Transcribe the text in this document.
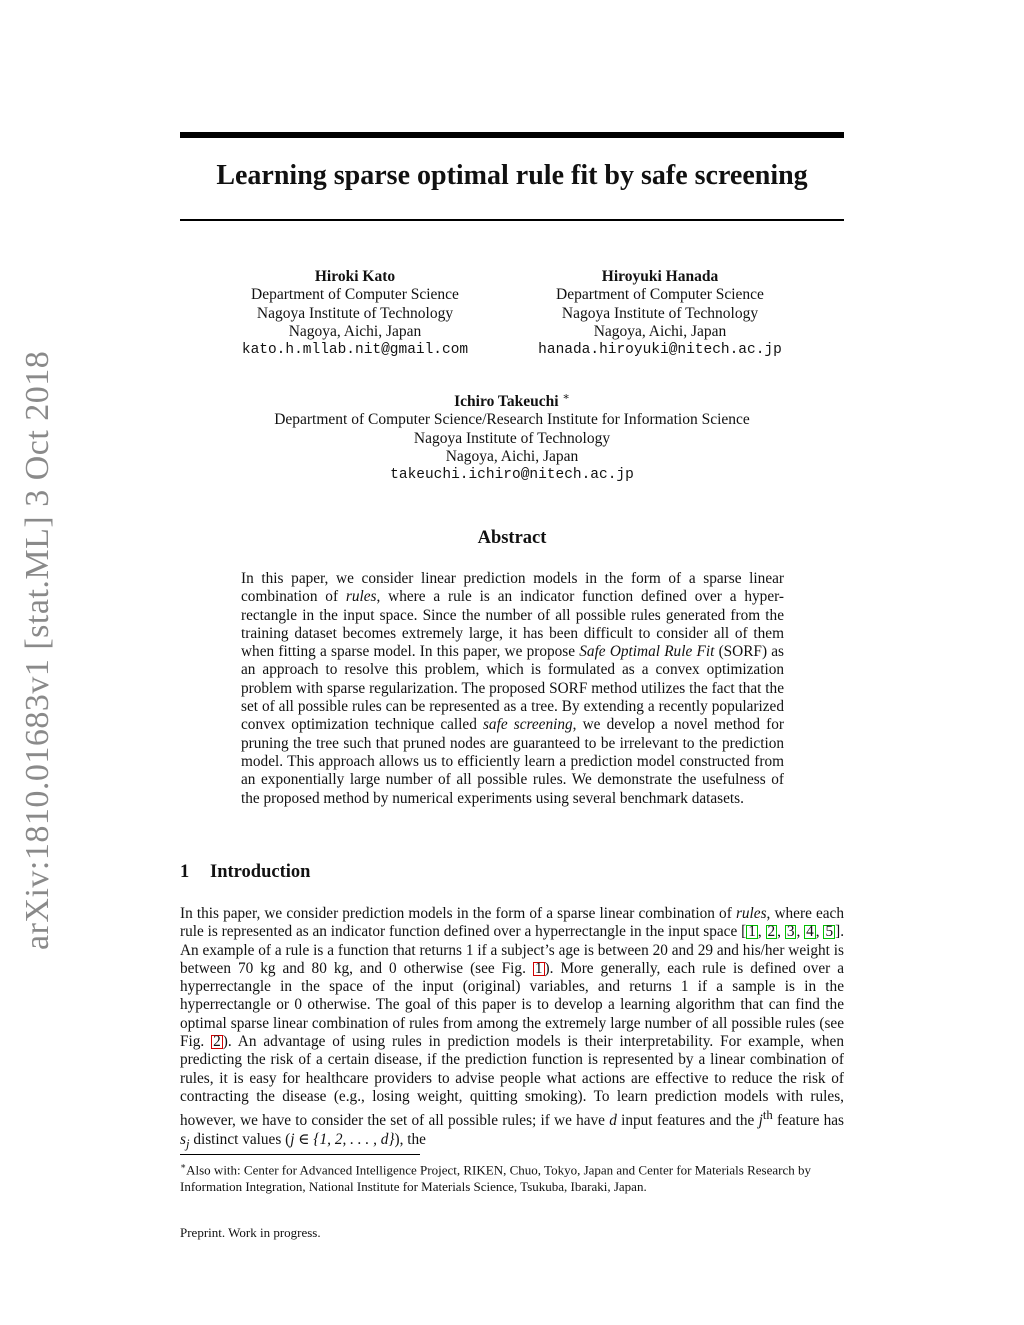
arXiv:1810.01683v1 [stat.ML] 3 Oct 2018
Learning sparse optimal rule fit by safe screening
Hiroki Kato
Department of Computer Science
Nagoya Institute of Technology
Nagoya, Aichi, Japan
kato.h.mllab.nit@gmail.com
Hiroyuki Hanada
Department of Computer Science
Nagoya Institute of Technology
Nagoya, Aichi, Japan
hanada.hiroyuki@nitech.ac.jp
Ichiro Takeuchi ∗
Department of Computer Science/Research Institute for Information Science
Nagoya Institute of Technology
Nagoya, Aichi, Japan
takeuchi.ichiro@nitech.ac.jp
Abstract
In this paper, we consider linear prediction models in the form of a sparse linear combination of rules, where a rule is an indicator function defined over a hyper-rectangle in the input space. Since the number of all possible rules generated from the training dataset becomes extremely large, it has been difficult to consider all of them when fitting a sparse model. In this paper, we propose Safe Optimal Rule Fit (SORF) as an approach to resolve this problem, which is formulated as a convex optimization problem with sparse regularization. The proposed SORF method utilizes the fact that the set of all possible rules can be represented as a tree. By extending a recently popularized convex optimization technique called safe screening, we develop a novel method for pruning the tree such that pruned nodes are guaranteed to be irrelevant to the prediction model. This approach allows us to efficiently learn a prediction model constructed from an exponentially large number of all possible rules. We demonstrate the usefulness of the proposed method by numerical experiments using several benchmark datasets.
1 Introduction
In this paper, we consider prediction models in the form of a sparse linear combination of rules, where each rule is represented as an indicator function defined over a hyperrectangle in the input space [ 1 , 2 , 3 , 4 , 5 ]. An example of a rule is a function that returns 1 if a subject’s age is between 20 and 29 and his/her weight is between 70 kg and 80 kg, and 0 otherwise (see Fig. 1 ). More generally, each rule is defined over a hyperrectangle in the space of the input (original) variables, and returns 1 if a sample is in the hyperrectangle or 0 otherwise. The goal of this paper is to develop a learning algorithm that can find the optimal sparse linear combination of rules from among the extremely large number of all possible rules (see Fig. 2 ). An advantage of using rules in prediction models is their interpretability. For example, when predicting the risk of a certain disease, if the prediction function is represented by a linear combination of rules, it is easy for healthcare providers to advise people what actions are effective to reduce the risk of contracting the disease (e.g., losing weight, quitting smoking). To learn prediction models with rules, however, we have to consider the set of all possible rules; if we have d input features and the $j^{th}$ feature has $s_j$ distinct values (j ∈ {1, 2, . . . , d}), the
∗Also with: Center for Advanced Intelligence Project, RIKEN, Chuo, Tokyo, Japan and Center for Materials Research by Information Integration, National Institute for Materials Science, Tsukuba, Ibaraki, Japan.
Preprint. Work in progress.
